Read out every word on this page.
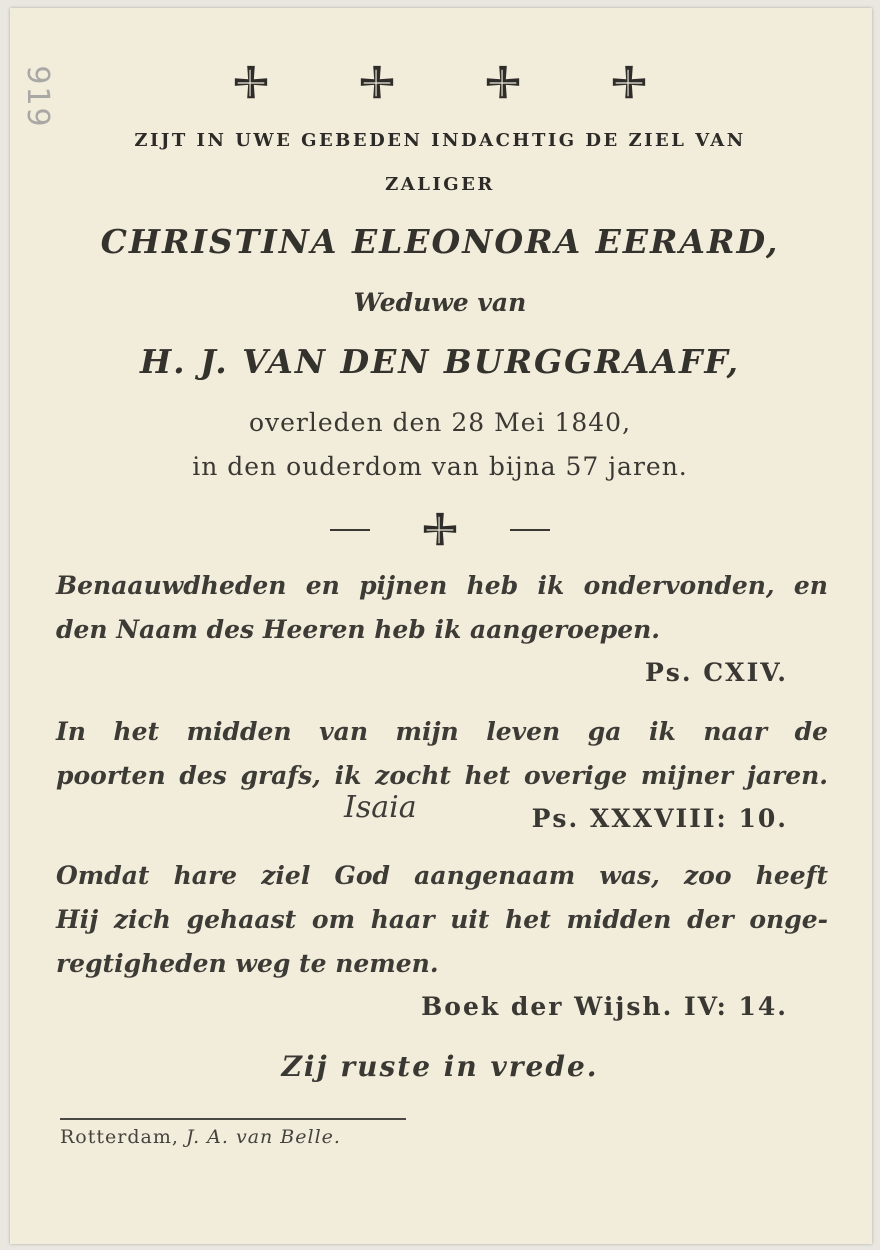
919
ZIJT IN UWE GEBEDEN INDACHTIG DE ZIEL VAN
ZALIGER
CHRISTINA ELEONORA EERARD,
Weduwe van
H. J. VAN DEN BURGGRAAFF,
overleden den 28 Mei 1840,
in den ouderdom van bijna 57 jaren.
Benaauwdheden en pijnen heb ik ondervonden, en
den Naam des Heeren heb ik aangeroepen.
Ps. CXIV.
In het midden van mijn leven ga ik naar de
poorten des grafs, ik zocht het overige mijner jaren.
Isaia	Ps. XXXVIII: 10.
Omdat hare ziel God aangenaam was, zoo heeft
Hij zich gehaast om haar uit het midden der onge-
regtigheden weg te nemen.
Boek der Wijsh. IV: 14.
Zij ruste in vrede.
Rotterdam, J. A. van Belle.
